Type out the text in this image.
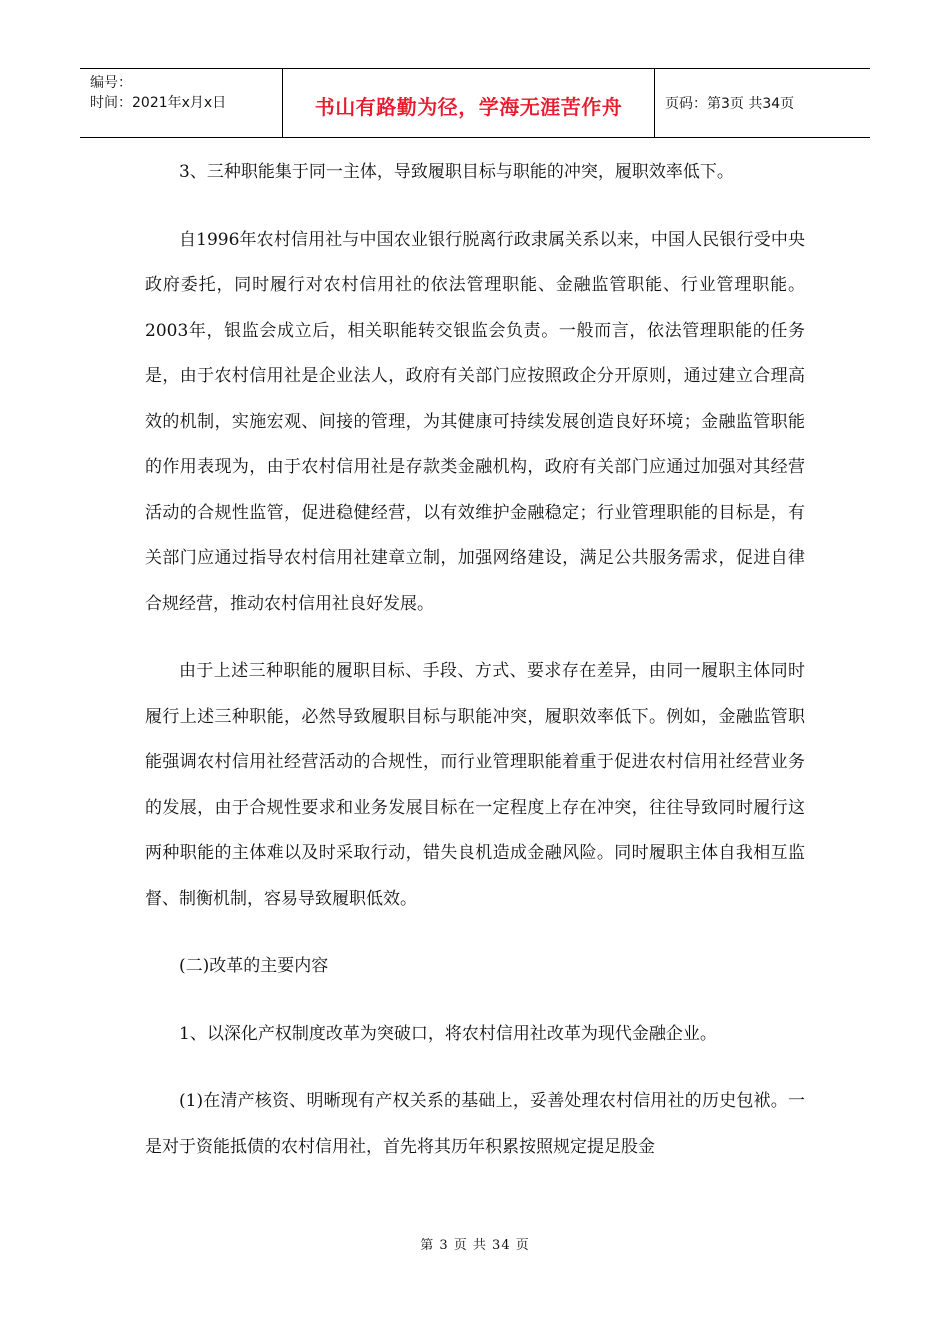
编号：
时间：2021年x月x日	书山有路勤为径，学海无涯苦作舟	页码：第3页 共34页

3、三种职能集于同一主体，导致履职目标与职能的冲突，履职效率低下。

自1996年农村信用社与中国农业银行脱离行政隶属关系以来，中国人民银行受中央政府委托，同时履行对农村信用社的依法管理职能、金融监管职能、行业管理职能。2003年，银监会成立后，相关职能转交银监会负责。一般而言，依法管理职能的任务是，由于农村信用社是企业法人，政府有关部门应按照政企分开原则，通过建立合理高效的机制，实施宏观、间接的管理，为其健康可持续发展创造良好环境；金融监管职能的作用表现为，由于农村信用社是存款类金融机构，政府有关部门应通过加强对其经营活动的合规性监管，促进稳健经营，以有效维护金融稳定；行业管理职能的目标是，有关部门应通过指导农村信用社建章立制，加强网络建设，满足公共服务需求，促进自律合规经营，推动农村信用社良好发展。

由于上述三种职能的履职目标、手段、方式、要求存在差异，由同一履职主体同时履行上述三种职能，必然导致履职目标与职能冲突，履职效率低下。例如，金融监管职能强调农村信用社经营活动的合规性，而行业管理职能着重于促进农村信用社经营业务的发展，由于合规性要求和业务发展目标在一定程度上存在冲突，往往导致同时履行这两种职能的主体难以及时采取行动，错失良机造成金融风险。同时履职主体自我相互监督、制衡机制，容易导致履职低效。

(二)改革的主要内容

1、以深化产权制度改革为突破口，将农村信用社改革为现代金融企业。

(1)在清产核资、明晰现有产权关系的基础上，妥善处理农村信用社的历史包袱。一是对于资能抵债的农村信用社，首先将其历年积累按照规定提足股金

第 3 页 共 34 页
